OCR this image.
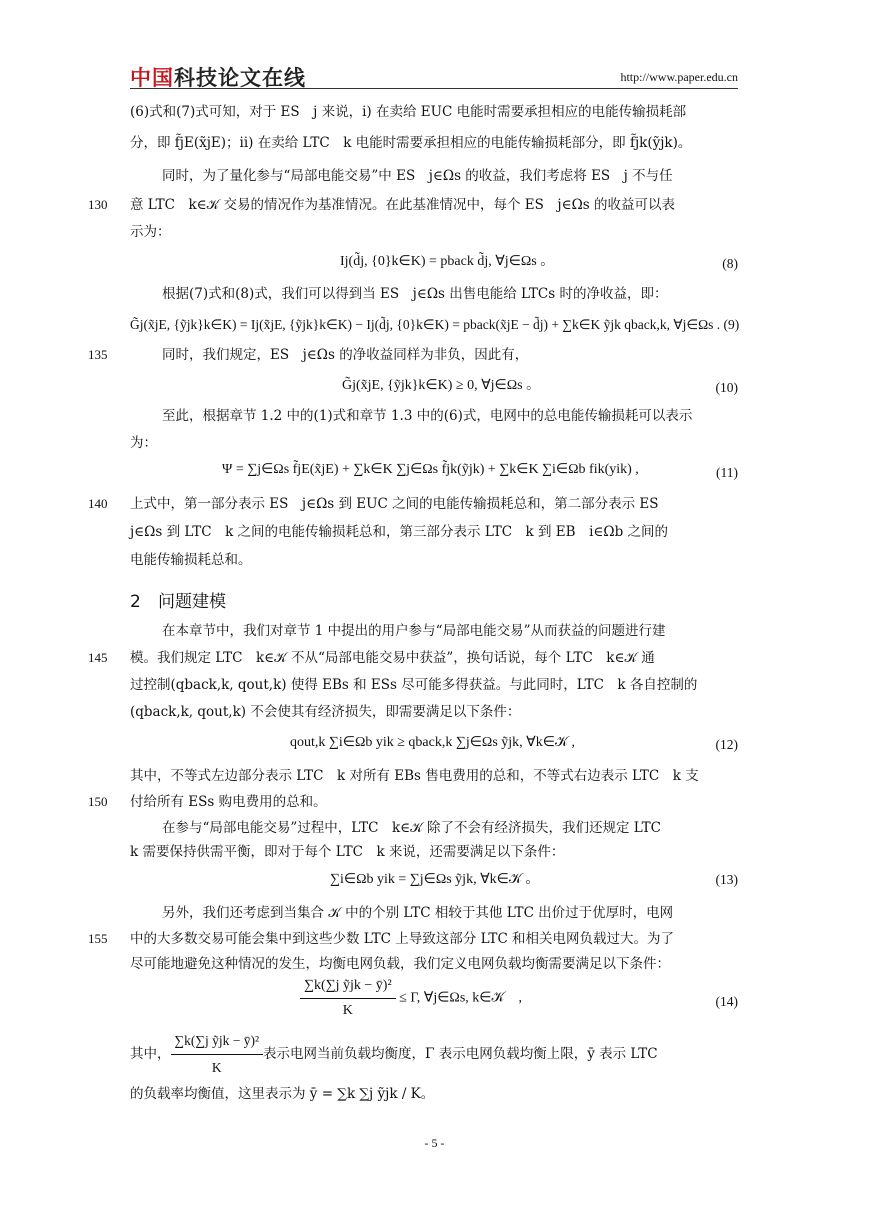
中国科技论文在线	http://www.paper.edu.cn
(6)式和(7)式可知，对于 ES　j 来说，i) 在卖给 EUC 电能时需要承担相应的电能传输损耗部
分，即 f̃jE(x̃jE)；ii) 在卖给 LTC　k 电能时需要承担相应的电能传输损耗部分，即 f̃jk(ỹjk)。
同时，为了量化参与“局部电能交易”中 ES　j∈Ωs 的收益，我们考虑将 ES　j 不与任
130 意 LTC　k∈𝒦 交易的情况作为基准情况。在此基准情况中，每个 ES　j∈Ωs 的收益可以表
示为：
Ij(d̃j, {0}k∈K) = pback d̃j, ∀j∈Ωs 。	(8)
根据(7)式和(8)式，我们可以得到当 ES　j∈Ωs 出售电能给 LTCs 时的净收益，即：
G̃j(x̃jE, {ỹjk}k∈K) = Ij(x̃jE, {ỹjk}k∈K) − Ij(d̃j, {0}k∈K) = pback(x̃jE − d̃j) + ∑k∈K ỹjk qback,k, ∀j∈Ωs . (9)
135	同时，我们规定，ES　j∈Ωs 的净收益同样为非负，因此有，
G̃j(x̃jE, {ỹjk}k∈K) ≥ 0, ∀j∈Ωs 。	(10)
至此，根据章节 1.2 中的(1)式和章节 1.3 中的(6)式，电网中的总电能传输损耗可以表示
为：
Ψ = ∑j∈Ωs f̃jE(x̃jE) + ∑k∈K ∑j∈Ωs f̃jk(ỹjk) + ∑k∈K ∑i∈Ωb fik(yik) ,	(11)
140 上式中，第一部分表示 ES　j∈Ωs 到 EUC 之间的电能传输损耗总和，第二部分表示 ES
j∈Ωs 到 LTC　k 之间的电能传输损耗总和，第三部分表示 LTC　k 到 EB　i∈Ωb 之间的
电能传输损耗总和。
2 问题建模
在本章节中，我们对章节 1 中提出的用户参与“局部电能交易”从而获益的问题进行建
145 模。我们规定 LTC　k∈𝒦 不从“局部电能交易中获益”，换句话说，每个 LTC　k∈𝒦 通
过控制(qback,k, qout,k) 使得 EBs 和 ESs 尽可能多得获益。与此同时，LTC　k 各自控制的
(qback,k, qout,k) 不会使其有经济损失，即需要满足以下条件：
qout,k ∑i∈Ωb yik ≥ qback,k ∑j∈Ωs ỹjk, ∀k∈𝒦 ,	(12)
其中，不等式左边部分表示 LTC　k 对所有 EBs 售电费用的总和，不等式右边表示 LTC　k 支
150 付给所有 ESs 购电费用的总和。
在参与“局部电能交易”过程中，LTC　k∈𝒦 除了不会有经济损失，我们还规定 LTC
k 需要保持供需平衡，即对于每个 LTC　k 来说，还需要满足以下条件：
∑i∈Ωb yik = ∑j∈Ωs ỹjk, ∀k∈𝒦 。	(13)
另外，我们还考虑到当集合 𝒦 中的个别 LTC 相较于其他 LTC 出价过于优厚时，电网
155 中的大多数交易可能会集中到这些少数 LTC 上导致这部分 LTC 和相关电网负载过大。为了
尽可能地避免这种情况的发生，均衡电网负载，我们定义电网负载均衡需要满足以下条件：
$\frac{\text{∑k(∑j ỹjk − ȳ)²}}{K} \le \Gamma$, ∀j∈Ωs, k∈𝒦　,	(14)
其中， $\frac{\text{∑k(∑j ỹjk − ȳ)²}}{K}$ 表示电网当前负载均衡度，Γ 表示电网负载均衡上限，ȳ 表示 LTC
的负载率均衡值，这里表示为 ȳ = ∑k ∑j ỹjk / K。
- 5 -
